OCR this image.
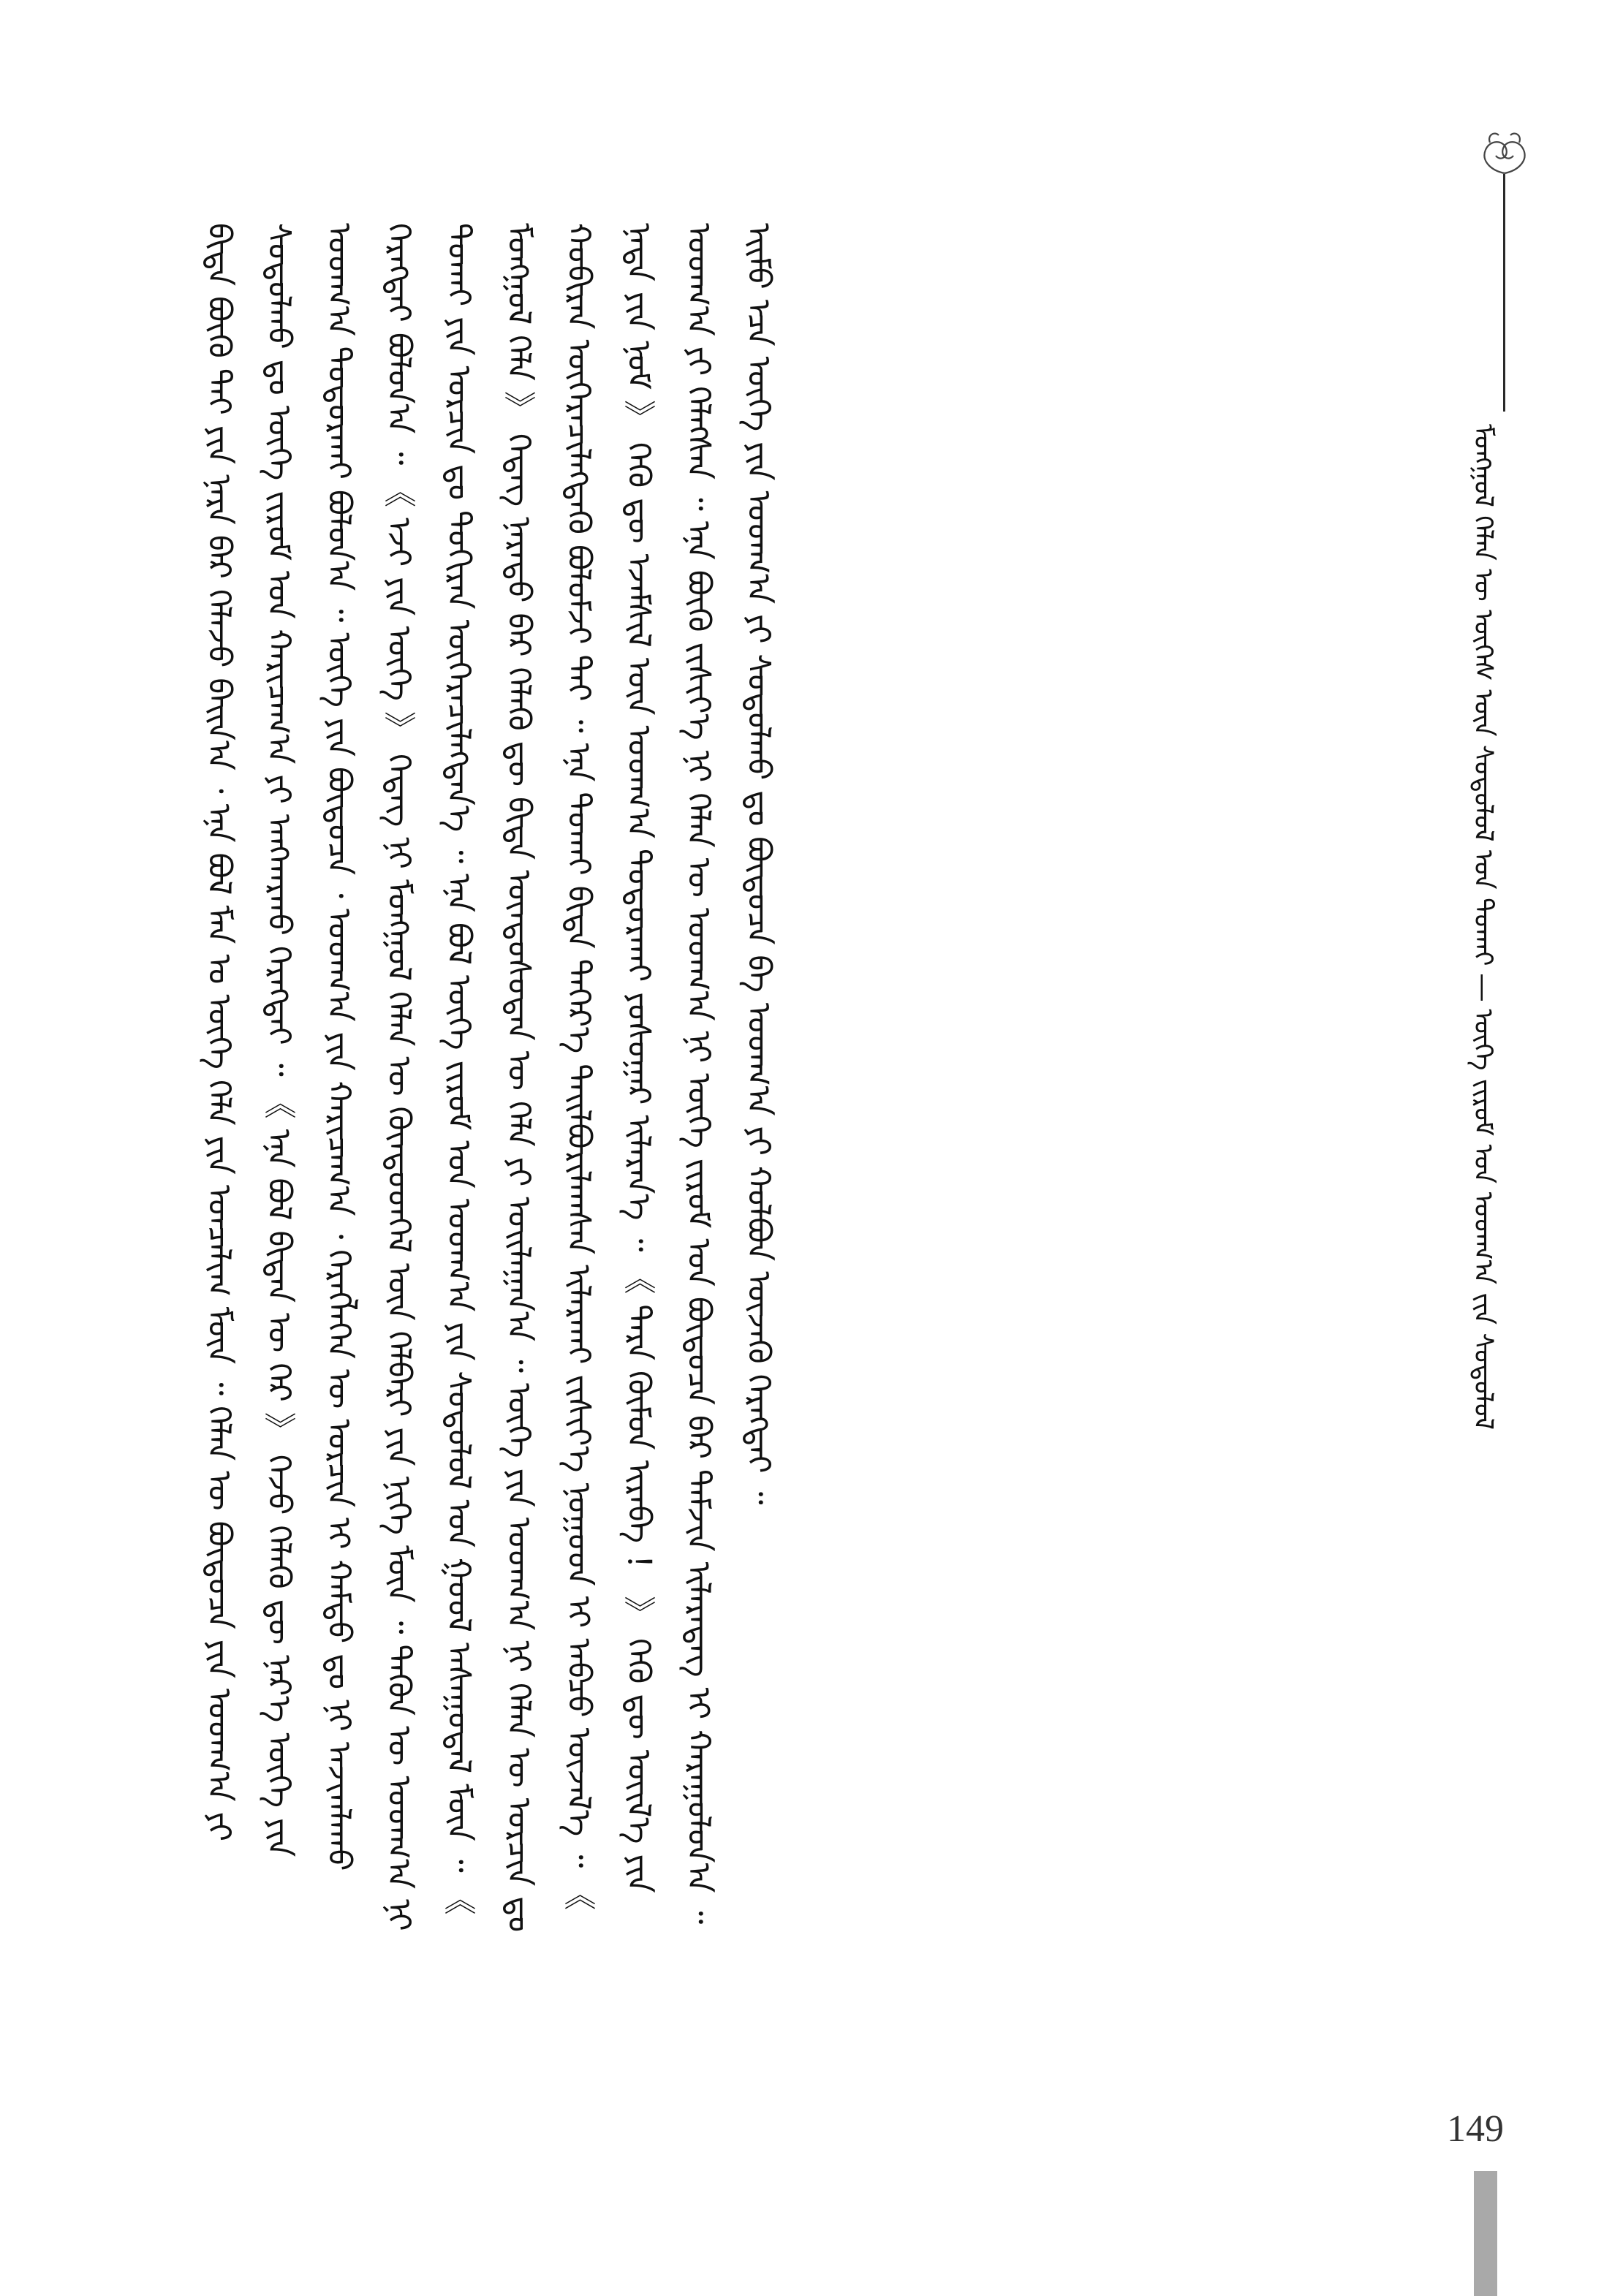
ᠮᠣᠩᠭᠣᠯ ᠬᠡᠯᠡᠨ ᠦ ᠦᠭᠡᠰ ᠦᠨ ᠰᠤᠳᠤᠯᠤᠯ ᠤᠨ ᠲᠤᠬᠠᠢ ― ᠦᠭᠡ ᠵᠢᠷᠤᠮ ᠤᠨ ᠤᠳᠬ᠎ᠠ ᠵᠢᠨ ᠰᠤᠳᠤᠯᠤᠯ
ᠪᠢᠳᠡ ᠪᠦᠬᠦ ᠳᠠᠢ ᠶᠢᠨ ᠨᠡᠷᠡ ᠪᠡᠷ ᠬᠡᠯᠡᠵᠦ ᠪᠠᠢᠨ᠎ᠠ ᠂ ᠡᠨᠡ ᠪᠣᠯ ᠮᠠᠨ ᠤ ᠦᠭᠡ ᠬᠡᠯᠡ ᠶᠢᠨ ᠣᠨᠴᠠᠯᠢᠭ ᠮᠥᠨ ᠃ ᠬᠡᠯᠡᠨ ᠦ ᠪᠦᠲᠦᠴᠡ ᠶᠢᠨ ᠤᠳᠬ᠎ᠠ ᠶᠢ ᠰᠤᠳᠤᠯᠬᠤ ᠳᠤ ᠦᠭᠡ ᠵᠢᠷᠤᠮ ᠤᠨ ᠬᠠᠷᠢᠴᠠᠭ᠎ᠠ ᠶᠢ ᠠᠩᠬᠠᠷᠬᠤ ᠬᠡᠷᠡᠭᠲᠡᠢ ᠃ 《 ᠡᠨᠡ ᠪᠣᠯ ᠪᠢᠳᠡᠨ ᠦ ᠭᠡᠷ 》 ᠭᠡᠵᠦ ᠬᠡᠯᠡᠬᠦ ᠳᠦ ᠨᠡᠷ᠎ᠡ ᠦᠭᠡ ᠶᠢᠨ ᠤᠳᠬ᠎ᠠ ᠲᠣᠳᠣᠷᠬᠠᠢ ᠪᠣᠯᠤᠨ᠎ᠠ ᠃ ᠦᠭᠡ ᠶᠢᠨ ᠪᠦᠲᠦᠴᠡ ᠂ ᠤᠳᠬ᠎ᠠ ᠶᠢᠨ ᠬᠠᠷᠢᠴᠠᠭ᠎ᠠ ᠂ ᠬᠡᠷᠡᠭᠯᠡᠭᠡᠨ ᠦ ᠣᠷᠴᠢᠨ ᠢ ᠬᠠᠮᠲᠤ ᠳᠤ ᠨᠢ ᠠᠵᠢᠭᠯᠠᠬᠤ ᠬᠡᠷᠡᠭᠲᠡᠢ ᠪᠣᠯᠤᠨ᠎ᠠ ᠃ 《 ᠡᠵᠢ ᠶᠢᠨ ᠦᠭᠡ 》 ᠭᠡᠳᠡᠭ ᠨᠢ ᠮᠣᠩᠭᠣᠯ ᠬᠡᠯᠡᠨ ᠦ ᠬᠦᠨᠳᠦᠳᠭᠡᠯ ᠦᠨ ᠬᠡᠯᠪᠡᠷᠢ ᠶᠢᠨ ᠨᠢᠭᠡ ᠮᠥᠨ ᠃ ᠲᠡᠭᠦᠨ ᠦ ᠤᠳᠬ᠎ᠠ ᠨᠢ ᠲᠤᠬᠠᠢ ᠶᠢᠨ ᠣᠷᠴᠢᠨ ᠳᠤ ᠲᠣᠬᠢᠷᠠᠨ ᠥᠭᠡᠷᠡᠴᠢᠯᠡᠭᠳᠡᠨ᠎ᠡ ᠃ ᠡᠨᠡ ᠪᠣᠯ ᠦᠭᠡ ᠵᠢᠷᠤᠮ ᠤᠨ ᠤᠳᠬ᠎ᠠ ᠶᠢᠨ ᠰᠤᠳᠤᠯᠤᠯ ᠤᠨ ᠭᠣᠤᠯ ᠠᠰᠠᠭᠤᠳᠠᠯ ᠮᠥᠨ ᠃ 《 ᠮᠣᠩᠭᠣᠯ ᠬᠡᠯᠡ 》 ᠭᠡᠳᠡᠭ ᠨᠡᠷᠡᠲᠦ ᠪᠡᠷ ᠬᠡᠯᠡᠬᠦ ᠳᠦ ᠪᠢᠳᠡ ᠦᠨᠳᠦᠰᠦᠲᠡᠨ ᠦ ᠬᠡᠯᠡ ᠶᠢ ᠣᠢᠯᠠᠭᠠᠨ᠎ᠠ ᠃ ᠦᠭᠡ ᠶᠢᠨ ᠤᠳᠬ᠎ᠠ ᠨᠢ ᠬᠡᠯᠡᠨ ᠦ ᠣᠷᠴᠢᠨ ᠳᠤ ᠬᠤᠪᠢᠷᠠᠨ ᠥᠭᠡᠷᠡᠴᠢᠯᠡᠭᠳᠡᠬᠦ ᠪᠣᠯᠤᠮᠵᠢ ᠲᠠᠢ ᠃ ᠡᠨᠡ ᠲᠤᠬᠠᠢ ᠪᠢᠳᠡ ᠳᠡᠭᠡᠷ᠎ᠡ ᠲᠠᠢᠯᠪᠤᠷᠢᠯᠠᠭᠰᠠᠨ ᠢᠯᠠᠷᠬᠠᠢ ᠵᠢᠱᠢᠶ᠎ᠡ ᠨᠤᠭᠤᠳ ᠢ ᠠᠪᠴᠤ ᠦᠵᠡᠯ᠎ᠡ ᠃ 《 ᠨᠠᠳᠠ ᠶᠢᠨ ᠨᠣᠮ 》 ᠭᠡᠬᠦ ᠳᠦ ᠡᠵᠡᠮᠰᠢᠯ ᠦᠨ ᠤᠳᠬ᠎ᠠ ᠲᠣᠳᠣᠷᠬᠠᠢ ᠶᠣᠰᠣᠭᠠᠷ ᠢᠯᠡᠷᠡᠨ᠎ᠡ ᠃ 《 ᠲᠡᠷᠡ ᠬᠦᠮᠦᠨ ᠢᠷᠡᠪᠡ ！ 》 ᠭᠡᠬᠦ ᠳᠦ ᠦᠢᠯ᠎ᠡ ᠶᠢᠨ ᠤᠳᠬ᠎ᠠ ᠶᠢ ᠬᠡᠯᠡᠭᠰᠡᠨ ᠃ ᠡᠨᠡ ᠪᠦᠬᠦ ᠵᠢᠱᠢᠶ᠎ᠡ ᠨᠢ ᠬᠡᠯᠡᠨ ᠦ ᠤᠳᠬ᠎ᠠ ᠨᠢ ᠦᠭᠡ ᠵᠢᠷᠤᠮ ᠤᠨ ᠪᠦᠲᠦᠴᠡ ᠪᠡᠷ ᠳᠠᠮᠵᠢᠨ ᠢᠯᠡᠷᠡᠳᠡᠭ ᠢ ᠬᠠᠷᠠᠭᠤᠯᠤᠨ᠎ᠠ ᠃ ᠡᠢᠮᠤ ᠡᠴᠡ ᠦᠭᠡ ᠶᠢᠨ ᠤᠳᠬ᠎ᠠ ᠶᠢ ᠰᠤᠳᠤᠯᠬᠤ ᠳᠤ ᠪᠦᠲᠦᠴᠡ ᠪᠠ ᠤᠳᠬ᠎ᠠ ᠶᠢ ᠬᠣᠯᠪᠣᠨ ᠦᠵᠡᠬᠦ ᠬᠡᠷᠡᠭᠲᠡᠢ ᠃
149
